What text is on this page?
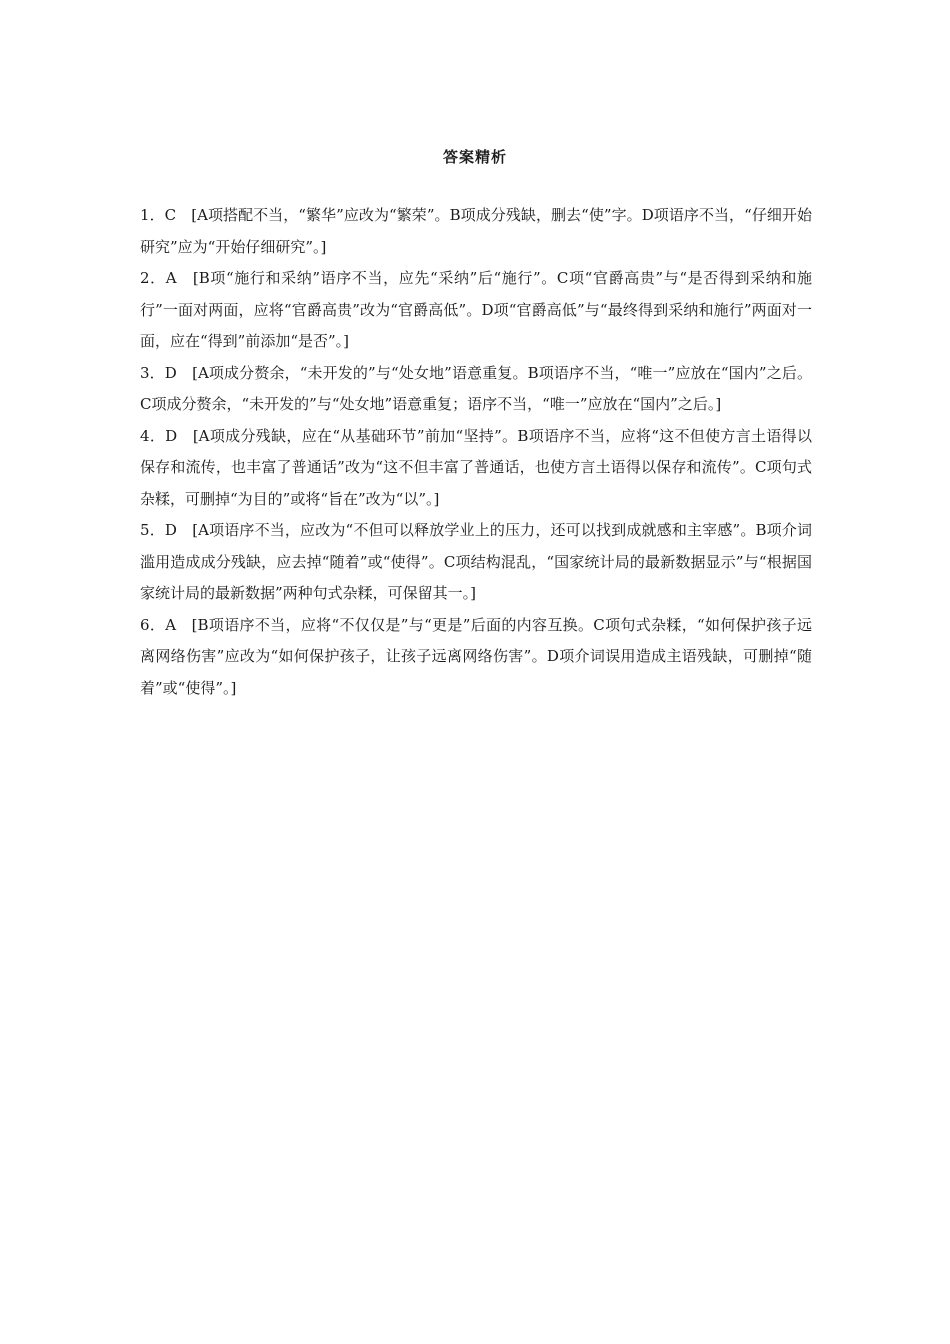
答案精析

1．C　[A项搭配不当，“繁华”应改为“繁荣”。B项成分残缺，删去“使”字。D项语序不当，“仔细开始研究”应为“开始仔细研究”。]

2．A　[B项“施行和采纳”语序不当，应先“采纳”后“施行”。C项“官爵高贵”与“是否得到采纳和施行”一面对两面，应将“官爵高贵”改为“官爵高低”。D项“官爵高低”与“最终得到采纳和施行”两面对一面，应在“得到”前添加“是否”。]

3．D　[A项成分赘余，“未开发的”与“处女地”语意重复。B项语序不当，“唯一”应放在“国内”之后。C项成分赘余，“未开发的”与“处女地”语意重复；语序不当，“唯一”应放在“国内”之后。]

4．D　[A项成分残缺，应在“从基础环节”前加“坚持”。B项语序不当，应将“这不但使方言土语得以保存和流传，也丰富了普通话”改为“这不但丰富了普通话，也使方言土语得以保存和流传”。C项句式杂糅，可删掉“为目的”或将“旨在”改为“以”。]

5．D　[A项语序不当，应改为“不但可以释放学业上的压力，还可以找到成就感和主宰感”。B项介词滥用造成成分残缺，应去掉“随着”或“使得”。C项结构混乱，“国家统计局的最新数据显示”与“根据国家统计局的最新数据”两种句式杂糅，可保留其一。]

6．A　[B项语序不当，应将“不仅仅是”与“更是”后面的内容互换。C项句式杂糅，“如何保护孩子远离网络伤害”应改为“如何保护孩子，让孩子远离网络伤害”。D项介词误用造成主语残缺，可删掉“随着”或“使得”。]
